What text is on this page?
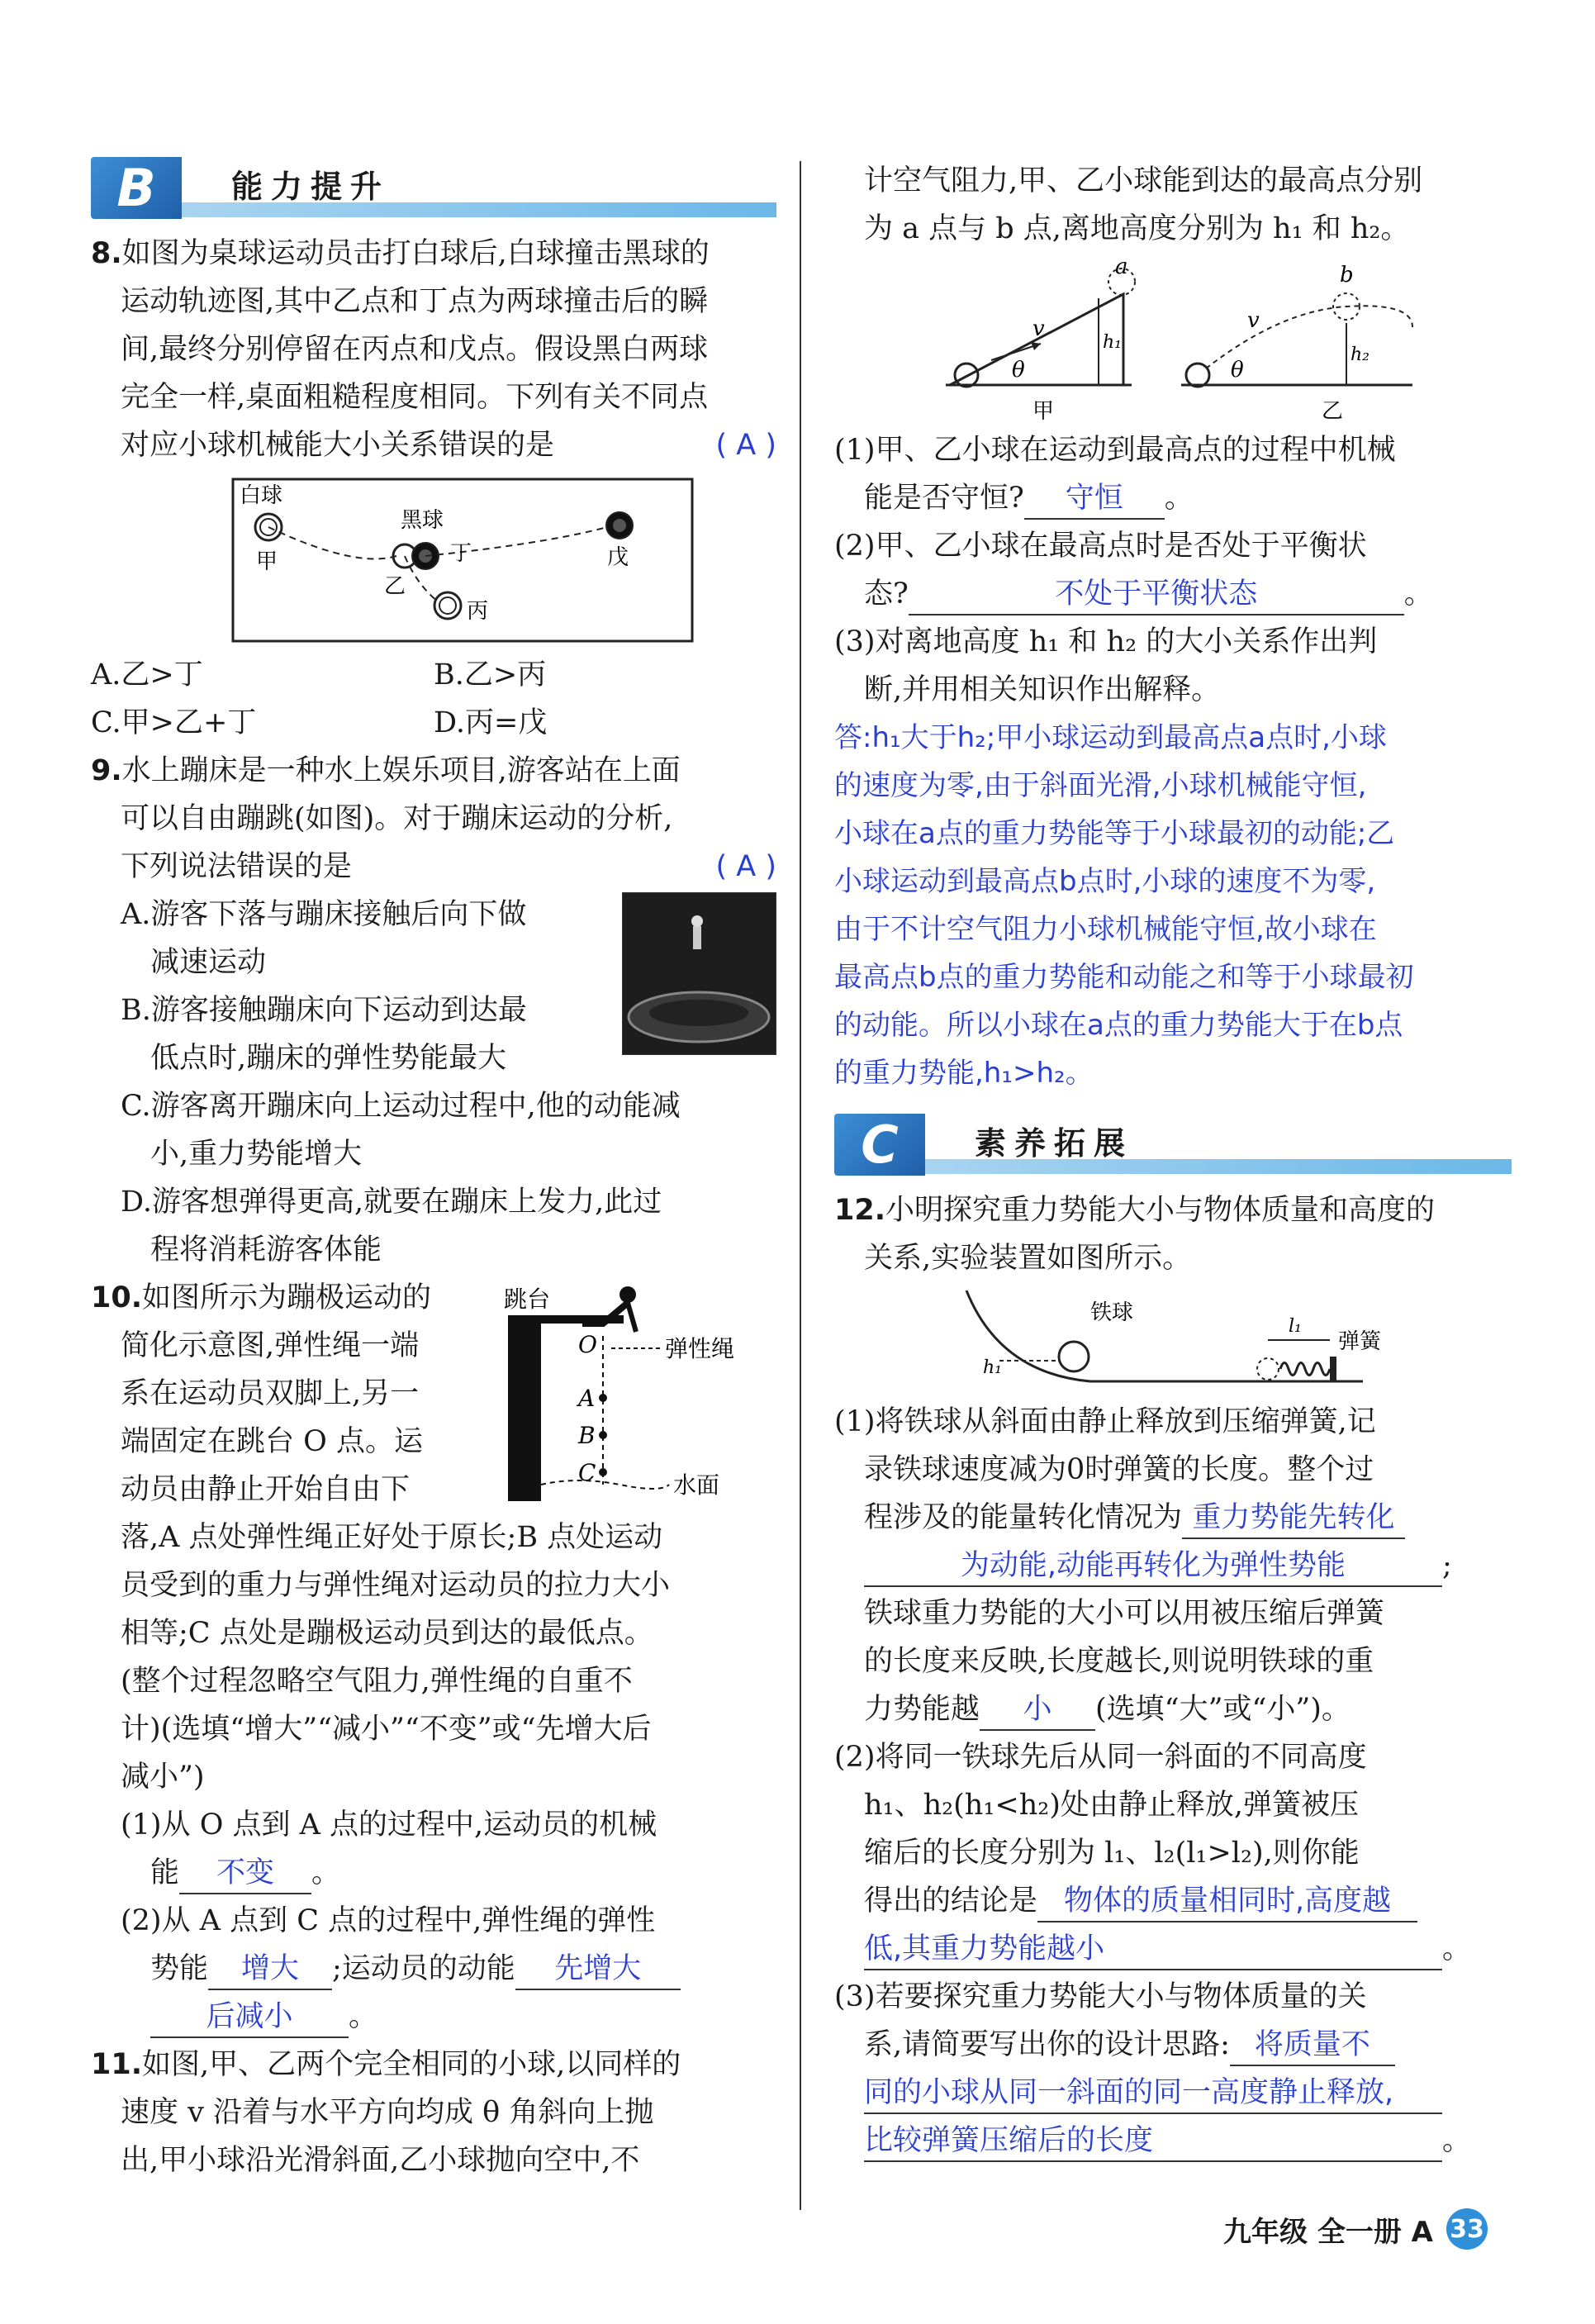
B	能力提升

8.如图为桌球运动员击打白球后,白球撞击黑球的

运动轨迹图,其中乙点和丁点为两球撞击后的瞬

间,最终分别停留在丙点和戊点。假设黑白两球

完全一样,桌面粗糙程度相同。下列有关不同点

对应小球机械能大小关系错误的是	( A )

白球
黑球
甲
乙
丁
丙
戊
A.乙>丁	B.乙>丙
C.甲>乙+丁	D.丙=戊

9.水上蹦床是一种水上娱乐项目,游客站在上面

可以自由蹦跳(如图)。对于蹦床运动的分析,

下列说法错误的是	( A )

A.游客下落与蹦床接触后向下做

减速运动

B.游客接触蹦床向下运动到达最

低点时,蹦床的弹性势能最大

C.游客离开蹦床向上运动过程中,他的动能减

小,重力势能增大

D.游客想弹得更高,就要在蹦床上发力,此过

程将消耗游客体能

跳台
O
A
B
C
弹性绳
水面

10.如图所示为蹦极运动的

简化示意图,弹性绳一端

系在运动员双脚上,另一

端固定在跳台 O 点。运

动员由静止开始自由下

落,A 点处弹性绳正好处于原长;B 点处运动

员受到的重力与弹性绳对运动员的拉力大小

相等;C 点处是蹦极运动员到达的最低点。

(整个过程忽略空气阻力,弹性绳的自重不

计)(选填“增大”“减小”“不变”或“先增大后

减小”)

(1)从 O 点到 A 点的过程中,运动员的机械

能 不变 。

(2)从 A 点到 C 点的过程中,弹性绳的弹性

势能 增大 ;运动员的动能 先增大

后减小 。

11.如图,甲、乙两个完全相同的小球,以同样的

速度 v 沿着与水平方向均成 θ 角斜向上抛

出,甲小球沿光滑斜面,乙小球抛向空中,不

计空气阻力,甲、乙小球能到达的最高点分别

为 a 点与 b 点,离地高度分别为 h₁ 和 h₂。

v
θ
a
h₁
甲
v
θ
b
h₂
乙

(1)甲、乙小球在运动到最高点的过程中机械

能是否守恒? 守恒 。

(2)甲、乙小球在最高点时是否处于平衡状

态?	不处于平衡状态	。

(3)对离地高度 h₁ 和 h₂ 的大小关系作出判

断,并用相关知识作出解释。

答:h₁大于h₂;甲小球运动到最高点a点时,小球

的速度为零,由于斜面光滑,小球机械能守恒,

小球在a点的重力势能等于小球最初的动能;乙

小球运动到最高点b点时,小球的速度不为零,

由于不计空气阻力小球机械能守恒,故小球在

最高点b点的重力势能和动能之和等于小球最初

的动能。所以小球在a点的重力势能大于在b点

的重力势能,h₁>h₂。

C	素养拓展

12.小明探究重力势能大小与物体质量和高度的

关系,实验装置如图所示。

铁球
h₁
l₁
弹簧

(1)将铁球从斜面由静止释放到压缩弹簧,记

录铁球速度减为0时弹簧的长度。整个过

程涉及的能量转化情况为 重力势能先转化

为动能,动能再转化为弹性势能	;

铁球重力势能的大小可以用被压缩后弹簧

的长度来反映,长度越长,则说明铁球的重

力势能越 小 (选填“大”或“小”)。

(2)将同一铁球先后从同一斜面的不同高度

h₁、h₂(h₁<h₂)处由静止释放,弹簧被压

缩后的长度分别为 l₁、l₂(l₁>l₂),则你能

得出的结论是 物体的质量相同时,高度越

低,其重力势能越小	。

(3)若要探究重力势能大小与物体质量的关

系,请简要写出你的设计思路: 将质量不

同的小球从同一斜面的同一高度静止释放,

比较弹簧压缩后的长度	。

九年级 全一册 A 33
